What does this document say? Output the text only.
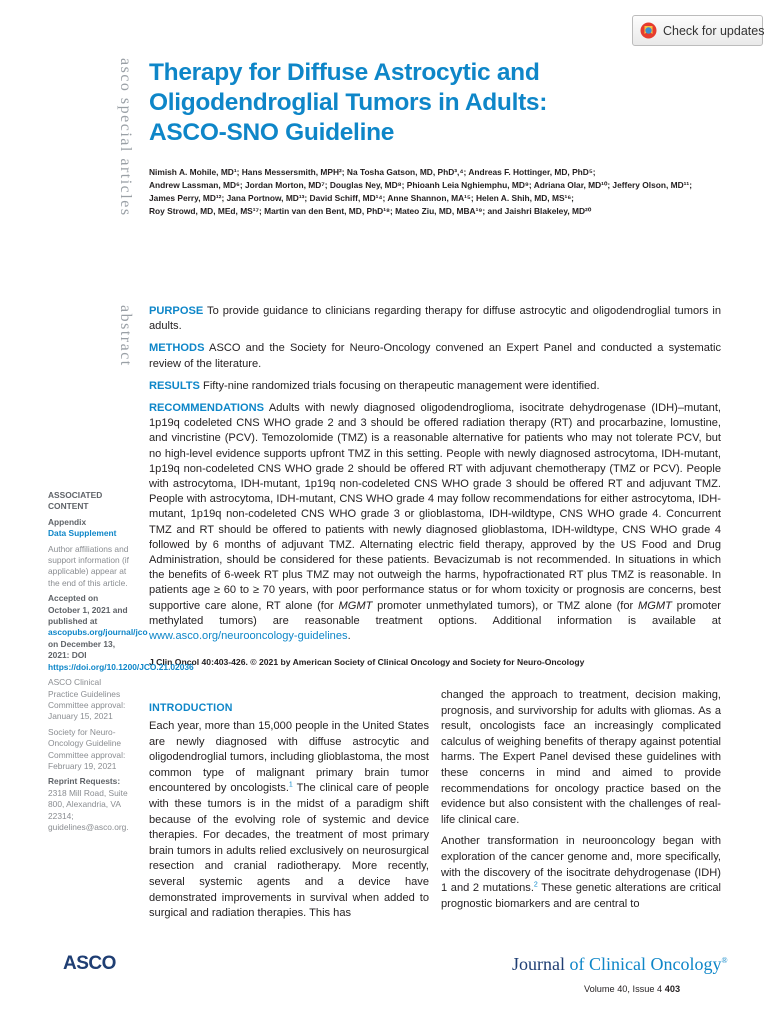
Check for updates
asco special articles
abstract
Therapy for Diffuse Astrocytic and
Oligodendroglial Tumors in Adults:
ASCO-SNO Guideline
Nimish A. Mohile, MD¹; Hans Messersmith, MPH²; Na Tosha Gatson, MD, PhD³,⁴; Andreas F. Hottinger, MD, PhD⁵;
Andrew Lassman, MD⁶; Jordan Morton, MD⁷; Douglas Ney, MD⁸; Phioanh Leia Nghiemphu, MD⁹; Adriana Olar, MD¹⁰; Jeffery Olson, MD¹¹;
James Perry, MD¹²; Jana Portnow, MD¹³; David Schiff, MD¹⁴; Anne Shannon, MA¹⁵; Helen A. Shih, MD, MS¹⁶;
Roy Strowd, MD, MEd, MS¹⁷; Martin van den Bent, MD, PhD¹⁸; Mateo Ziu, MD, MBA¹⁹; and Jaishri Blakeley, MD²⁰

PURPOSE To provide guidance to clinicians regarding therapy for diffuse astrocytic and oligodendroglial tumors in adults.

METHODS ASCO and the Society for Neuro-Oncology convened an Expert Panel and conducted a systematic review of the literature.

RESULTS Fifty-nine randomized trials focusing on therapeutic management were identified.

RECOMMENDATIONS Adults with newly diagnosed oligodendroglioma, isocitrate dehydrogenase (IDH)–mutant, 1p19q codeleted CNS WHO grade 2 and 3 should be offered radiation therapy (RT) and procarbazine, lomustine, and vincristine (PCV). Temozolomide (TMZ) is a reasonable alternative for patients who may not tolerate PCV, but no high-level evidence supports upfront TMZ in this setting. People with newly diagnosed astrocytoma, IDH-mutant, 1p19q non-codeleted CNS WHO grade 2 should be offered RT with adjuvant chemotherapy (TMZ or PCV). People with astrocytoma, IDH-mutant, 1p19q non-codeleted CNS WHO grade 3 should be offered RT and adjuvant TMZ. People with astrocytoma, IDH-mutant, CNS WHO grade 4 may follow recommendations for either astrocytoma, IDH-mutant, 1p19q non-codeleted CNS WHO grade 3 or glioblastoma, IDH-wildtype, CNS WHO grade 4. Concurrent TMZ and RT should be offered to patients with newly diagnosed glioblastoma, IDH-wildtype, CNS WHO grade 4 followed by 6 months of adjuvant TMZ. Alternating electric field therapy, approved by the US Food and Drug Administration, should be considered for these patients. Bevacizumab is not recommended. In situations in which the benefits of 6-week RT plus TMZ may not outweigh the harms, hypofractionated RT plus TMZ is reasonable. In patients age ≥ 60 to ≥ 70 years, with poor performance status or for whom toxicity or prognosis are concerns, best supportive care alone, RT alone (for MGMT promoter unmethylated tumors), or TMZ alone (for MGMT promoter methylated tumors) are reasonable treatment options. Additional information is available at www.asco.org/neurooncology-guidelines.

J Clin Oncol 40:403-426. © 2021 by American Society of Clinical Oncology and Society for Neuro-Oncology
ASSOCIATED CONTENT
Appendix
Data Supplement
Author affiliations and support information (if applicable) appear at the end of this article.
Accepted on October 1, 2021 and published at ascopubs.org/journal/jco on December 13, 2021: DOI https://doi.org/10.1200/JCO.21.02036
ASCO Clinical Practice Guidelines Committee approval: January 15, 2021
Society for Neuro-Oncology Guideline Committee approval: February 19, 2021
Reprint Requests:
2318 Mill Road, Suite 800, Alexandria, VA 22314; guidelines@asco.org.
INTRODUCTION
Each year, more than 15,000 people in the United States are newly diagnosed with diffuse astrocytic and oligodendroglial tumors, including glioblastoma, the most common type of malignant primary brain tumor encountered by oncologists.$^1$ The clinical care of people with these tumors is in the midst of a paradigm shift because of the evolving role of systemic and device therapies. For decades, the treatment of most primary brain tumors in adults relied exclusively on neurosurgical resection and cranial radiotherapy. More recently, several systemic agents and a device have demonstrated improvements in survival when added to surgical and radiation therapies. This has

changed the approach to treatment, decision making, prognosis, and survivorship for adults with gliomas. As a result, oncologists face an increasingly complicated calculus of weighing benefits of therapy against potential harms. The Expert Panel devised these guidelines with these concerns in mind and aimed to provide recommendations for oncology practice based on the evidence but also consistent with the challenges of real-life clinical care.

Another transformation in neurooncology began with exploration of the cancer genome and, more specifically, with the discovery of the isocitrate dehydrogenase (IDH) 1 and 2 mutations.$^2$ These genetic alterations are critical prognostic biomarkers and are central to

ASCO	Journal of Clinical Oncology®
Volume 40, Issue 4 403
